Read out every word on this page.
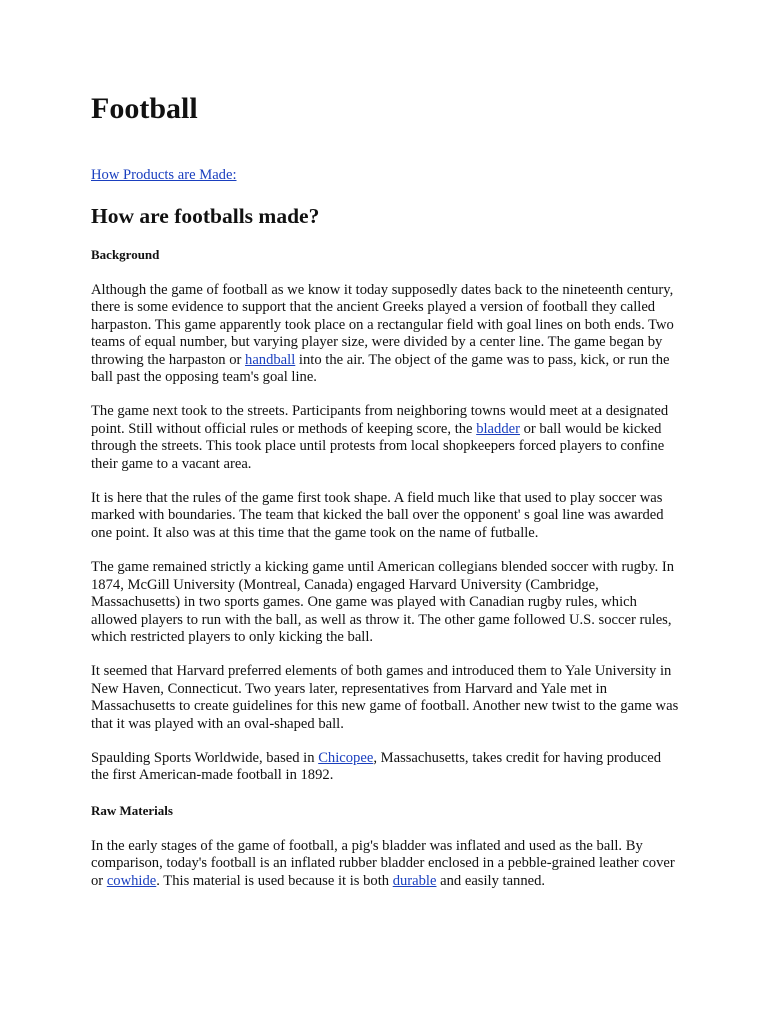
Football
How Products are Made:
How are footballs made?
Background

Although the game of football as we know it today supposedly dates back to the nineteenth century, there is some evidence to support that the ancient Greeks played a version of football they called harpaston. This game apparently took place on a rectangular field with goal lines on both ends. Two teams of equal number, but varying player size, were divided by a center line. The game began by throwing the harpaston or handball into the air. The object of the game was to pass, kick, or run the ball past the opposing team's goal line.

The game next took to the streets. Participants from neighboring towns would meet at a designated point. Still without official rules or methods of keeping score, the bladder or ball would be kicked through the streets. This took place until protests from local shopkeepers forced players to confine their game to a vacant area.

It is here that the rules of the game first took shape. A field much like that used to play soccer was marked with boundaries. The team that kicked the ball over the opponent' s goal line was awarded one point. It also was at this time that the game took on the name of futballe.

The game remained strictly a kicking game until American collegians blended soccer with rugby. In 1874, McGill University (Montreal, Canada) engaged Harvard University (Cambridge, Massachusetts) in two sports games. One game was played with Canadian rugby rules, which allowed players to run with the ball, as well as throw it. The other game followed U.S. soccer rules, which restricted players to only kicking the ball.

It seemed that Harvard preferred elements of both games and introduced them to Yale University in New Haven, Connecticut. Two years later, representatives from Harvard and Yale met in Massachusetts to create guidelines for this new game of football. Another new twist to the game was that it was played with an oval-shaped ball.

Spaulding Sports Worldwide, based in Chicopee, Massachusetts, takes credit for having produced the first American-made football in 1892.

Raw Materials

In the early stages of the game of football, a pig's bladder was inflated and used as the ball. By comparison, today's football is an inflated rubber bladder enclosed in a pebble-grained leather cover or cowhide. This material is used because it is both durable and easily tanned.
